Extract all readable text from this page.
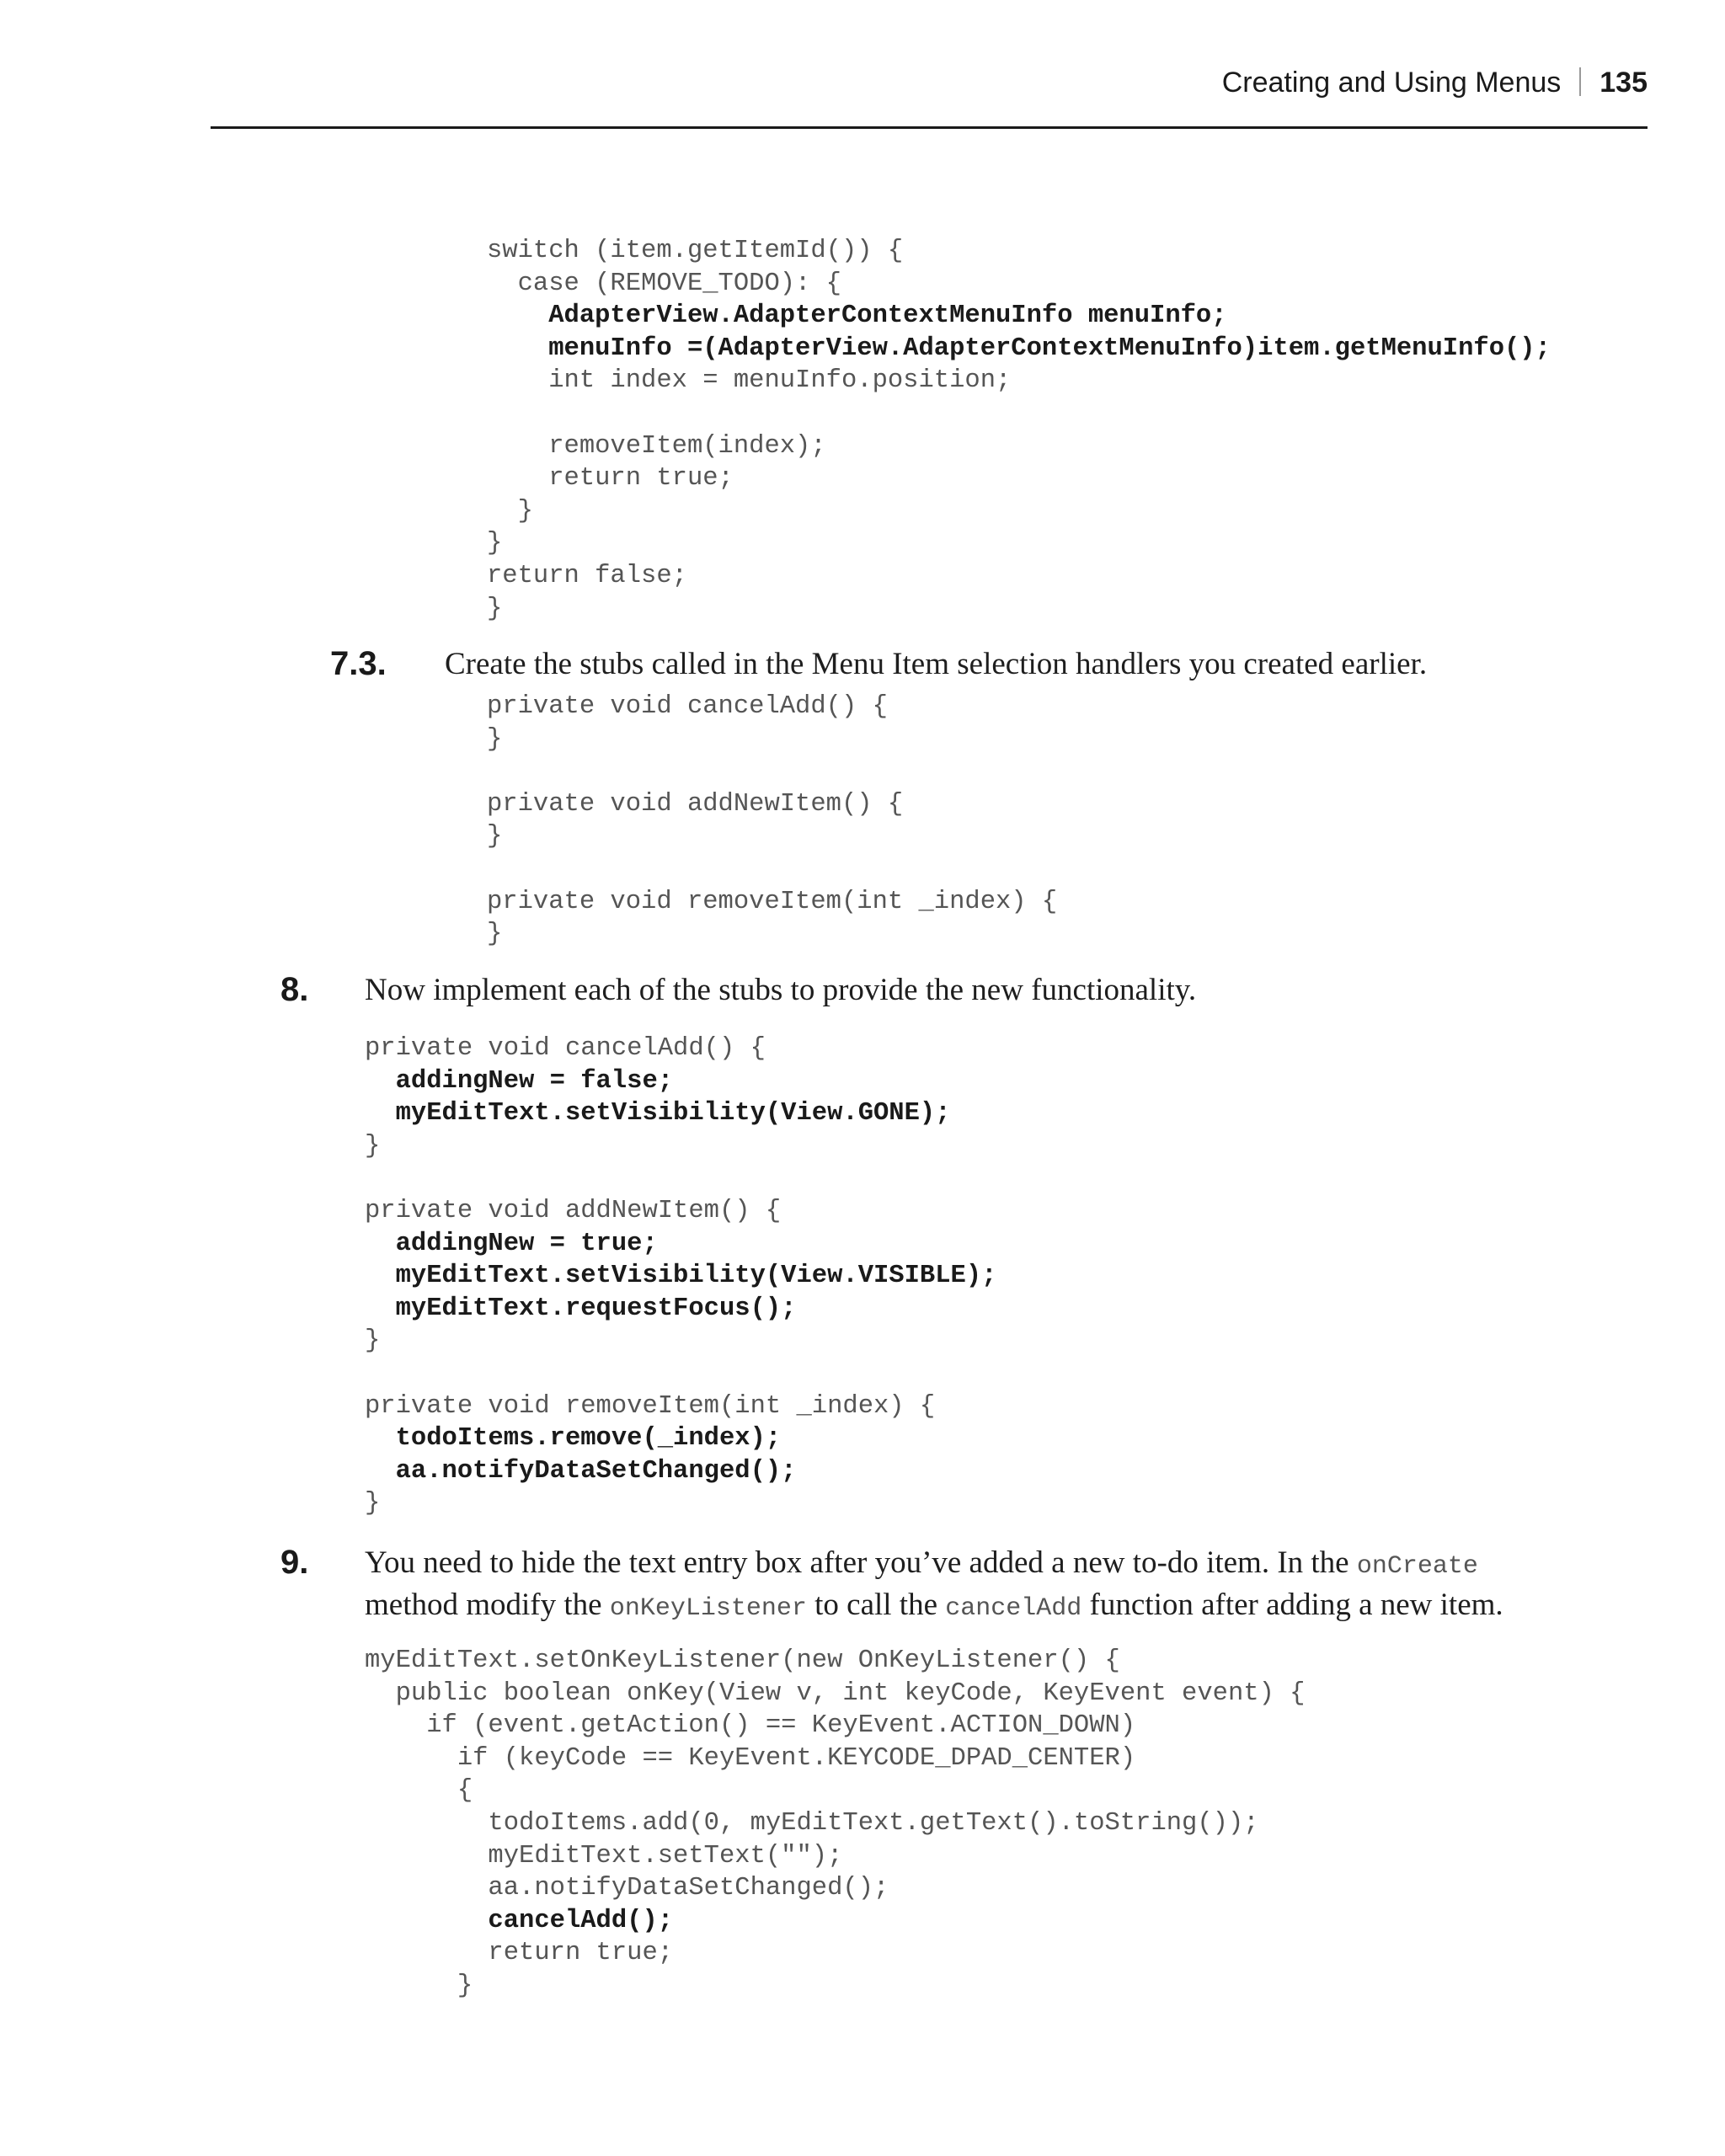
Creating and Using Menus 135
switch (item.getItemId()) {
case (REMOVE_TODO): {
AdapterView.AdapterContextMenuInfo menuInfo;
menuInfo =(AdapterView.AdapterContextMenuInfo)item.getMenuInfo();
int index = menuInfo.position;
removeItem(index);
return true;
}
}
return false;
}
7.3. Create the stubs called in the Menu Item selection handlers you created earlier.

private void cancelAdd() {
}
private void addNewItem() {
}
private void removeItem(int _index) {
}
8. Now implement each of the stubs to provide the new functionality.

private void cancelAdd() {
addingNew = false;
myEditText.setVisibility(View.GONE);
}
private void addNewItem() {
addingNew = true;
myEditText.setVisibility(View.VISIBLE);
myEditText.requestFocus();
}
private void removeItem(int _index) {
todoItems.remove(_index);
aa.notifyDataSetChanged();
}
9. You need to hide the text entry box after you’ve added a new to-do item. In the onCreate
method modify the onKeyListener to call the cancelAdd function after adding a new item.

myEditText.setOnKeyListener(new OnKeyListener() {
public boolean onKey(View v, int keyCode, KeyEvent event) {
if (event.getAction() == KeyEvent.ACTION_DOWN)
if (keyCode == KeyEvent.KEYCODE_DPAD_CENTER)
{
todoItems.add(0, myEditText.getText().toString());
myEditText.setText("");
aa.notifyDataSetChanged();
cancelAdd();
return true;
}
